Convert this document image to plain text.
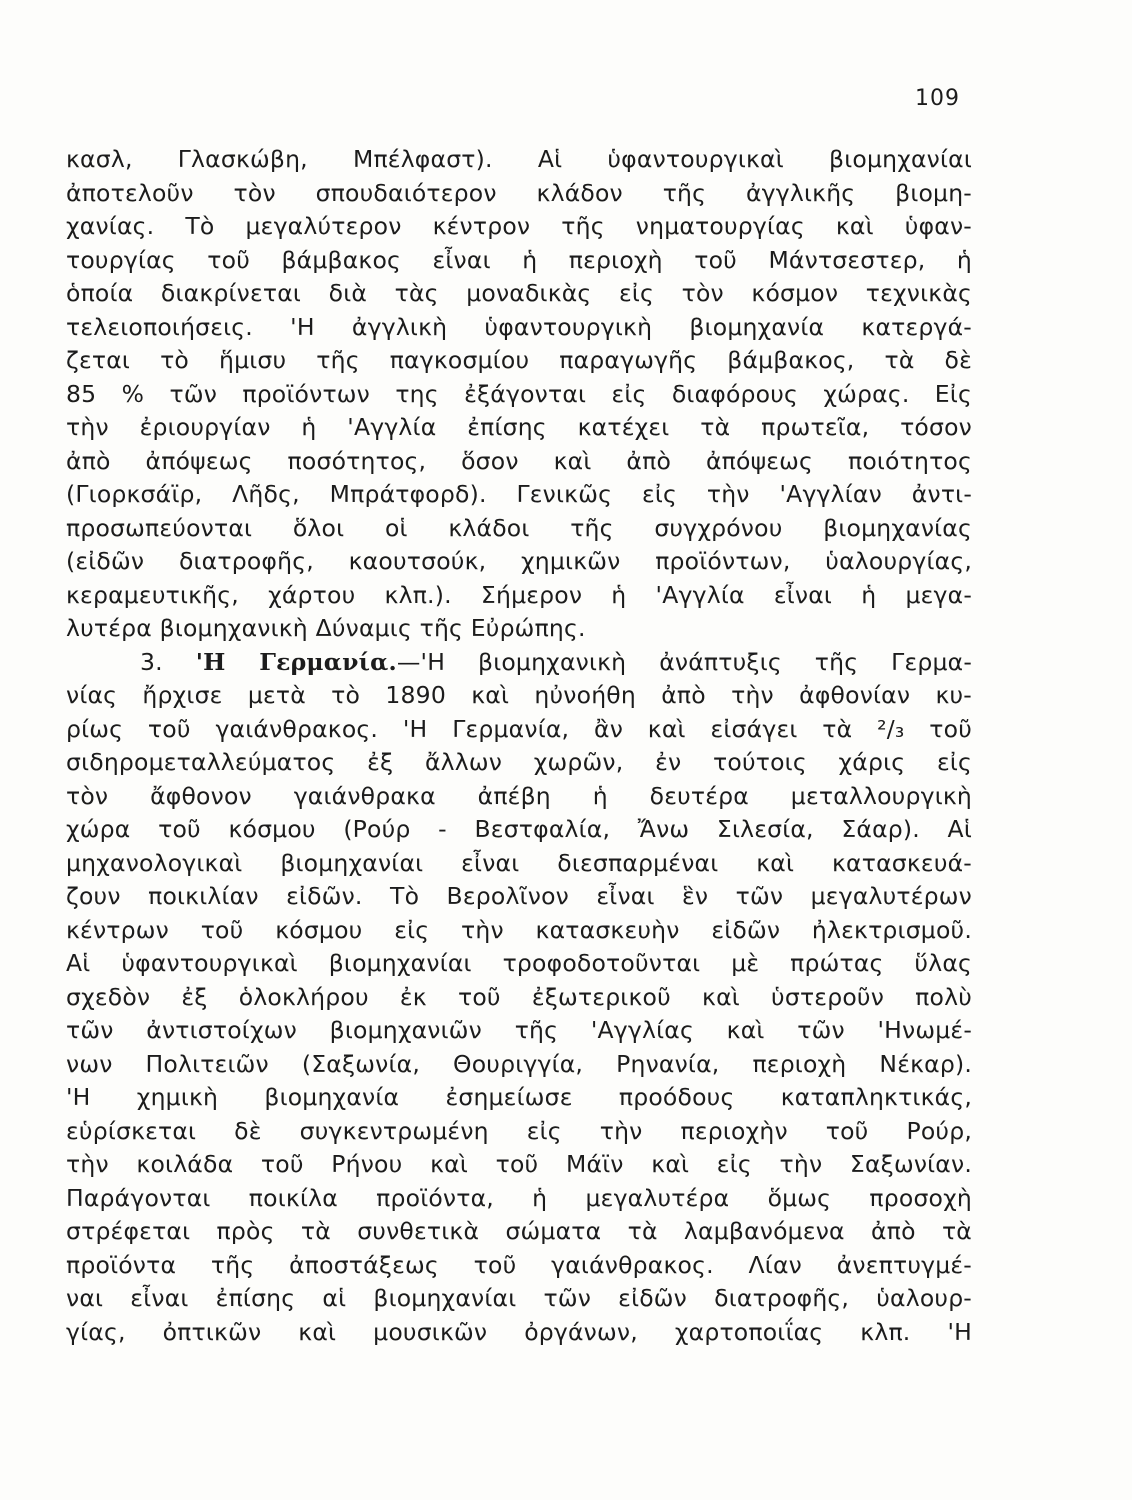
109
κασλ, Γλασκώβη, Μπέλφαστ). Αἱ ὑφαντουργικαὶ βιομηχανίαι
ἀποτελοῦν τὸν σπουδαιότερον κλάδον τῆς ἀγγλικῆς βιομη-
χανίας. Τὸ μεγαλύτερον κέντρον τῆς νηματουργίας καὶ ὑφαν-
τουργίας τοῦ βάμβακος εἶναι ἡ περιοχὴ τοῦ Μάντσεστερ, ἡ
ὁποία διακρίνεται διὰ τὰς μοναδικὰς εἰς τὸν κόσμον τεχνικὰς
τελειοποιήσεις. 'Η ἀγγλικὴ ὑφαντουργικὴ βιομηχανία κατεργά-
ζεται τὸ ἥμισυ τῆς παγκοσμίου παραγωγῆς βάμβακος, τὰ δὲ
85 % τῶν προϊόντων της ἐξάγονται εἰς διαφόρους χώρας. Εἰς
τὴν ἐριουργίαν ἡ 'Αγγλία ἐπίσης κατέχει τὰ πρωτεῖα, τόσον
ἀπὸ ἀπόψεως ποσότητος, ὅσον καὶ ἀπὸ ἀπόψεως ποιότητος
(Γιορκσάϊρ, Λῆδς, Μπράτφορδ). Γενικῶς εἰς τὴν 'Αγγλίαν ἀντι-
προσωπεύονται ὅλοι οἱ κλάδοι τῆς συγχρόνου βιομηχανίας
(εἰδῶν διατροφῆς, καουτσούκ, χημικῶν προϊόντων, ὑαλουργίας,
κεραμευτικῆς, χάρτου κλπ.). Σήμερον ἡ 'Αγγλία εἶναι ἡ μεγα-
λυτέρα βιομηχανικὴ Δύναμις τῆς Εὐρώπης.
3. 'Η Γερμανία.—'Η βιομηχανικὴ ἀνάπτυξις τῆς Γερμα-
νίας ἤρχισε μετὰ τὸ 1890 καὶ ηὐνοήθη ἀπὸ τὴν ἀφθονίαν κυ-
ρίως τοῦ γαιάνθρακος. 'Η Γερμανία, ἂν καὶ εἰσάγει τὰ ²/₃ τοῦ
σιδηρομεταλλεύματος ἐξ ἄλλων χωρῶν, ἐν τούτοις χάρις εἰς
τὸν ἄφθονον γαιάνθρακα ἀπέβη ἡ δευτέρα μεταλλουργικὴ
χώρα τοῦ κόσμου (Ρούρ - Βεστφαλία, Ἄνω Σιλεσία, Σάαρ). Αἱ
μηχανολογικαὶ βιομηχανίαι εἶναι διεσπαρμέναι καὶ κατασκευά-
ζουν ποικιλίαν εἰδῶν. Τὸ Βερολῖνον εἶναι ἓν τῶν μεγαλυτέρων
κέντρων τοῦ κόσμου εἰς τὴν κατασκευὴν εἰδῶν ἠλεκτρισμοῦ.
Αἱ ὑφαντουργικαὶ βιομηχανίαι τροφοδοτοῦνται μὲ πρώτας ὕλας
σχεδὸν ἐξ ὁλοκλήρου ἐκ τοῦ ἐξωτερικοῦ καὶ ὑστεροῦν πολὺ
τῶν ἀντιστοίχων βιομηχανιῶν τῆς 'Αγγλίας καὶ τῶν 'Ηνωμέ-
νων Πολιτειῶν (Σαξωνία, Θουριγγία, Ρηνανία, περιοχὴ Νέκαρ).
'Η χημικὴ βιομηχανία ἐσημείωσε προόδους καταπληκτικάς,
εὑρίσκεται δὲ συγκεντρωμένη εἰς τὴν περιοχὴν τοῦ Ρούρ,
τὴν κοιλάδα τοῦ Ρήνου καὶ τοῦ Μάϊν καὶ εἰς τὴν Σαξωνίαν.
Παράγονται ποικίλα προϊόντα, ἡ μεγαλυτέρα ὅμως προσοχὴ
στρέφεται πρὸς τὰ συνθετικὰ σώματα τὰ λαμβανόμενα ἀπὸ τὰ
προϊόντα τῆς ἀποστάξεως τοῦ γαιάνθρακος. Λίαν ἀνεπτυγμέ-
ναι εἶναι ἐπίσης αἱ βιομηχανίαι τῶν εἰδῶν διατροφῆς, ὑαλουρ-
γίας, ὀπτικῶν καὶ μουσικῶν ὀργάνων, χαρτοποιΐας κλπ. 'Η
